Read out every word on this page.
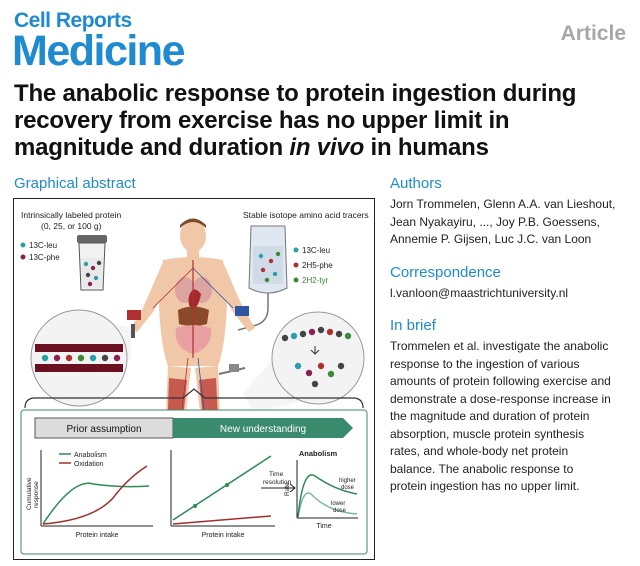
Cell Reports
Medicine	Article
The anabolic response to protein ingestion during recovery from exercise has no upper limit in magnitude and duration in vivo in humans
Graphical abstract
Intrinsically labeled protein
(0, 25, or 100 g)
13C-leu
13C-phe
Stable isotope amino acid tracers
13C-leu
2H5-phe
2H2-tyr
Prior assumption	New understanding
Anabolism
Oxidation
Cumulative response
Protein intake	Protein intake
Time
resolution
Anabolism
Rate
Time
higher
dose
lower
dose
Authors
Jorn Trommelen, Glenn A.A. van Lieshout,
Jean Nyakayiru, ..., Joy P.B. Goessens,
Annemie P. Gijsen, Luc J.C. van Loon
Correspondence
l.vanloon@maastrichtuniversity.nl
In brief
Trommelen et al. investigate the anabolic
response to the ingestion of various
amounts of protein following exercise and
demonstrate a dose-response increase in
the magnitude and duration of protein
absorption, muscle protein synthesis
rates, and whole-body net protein
balance. The anabolic response to
protein ingestion has no upper limit.
